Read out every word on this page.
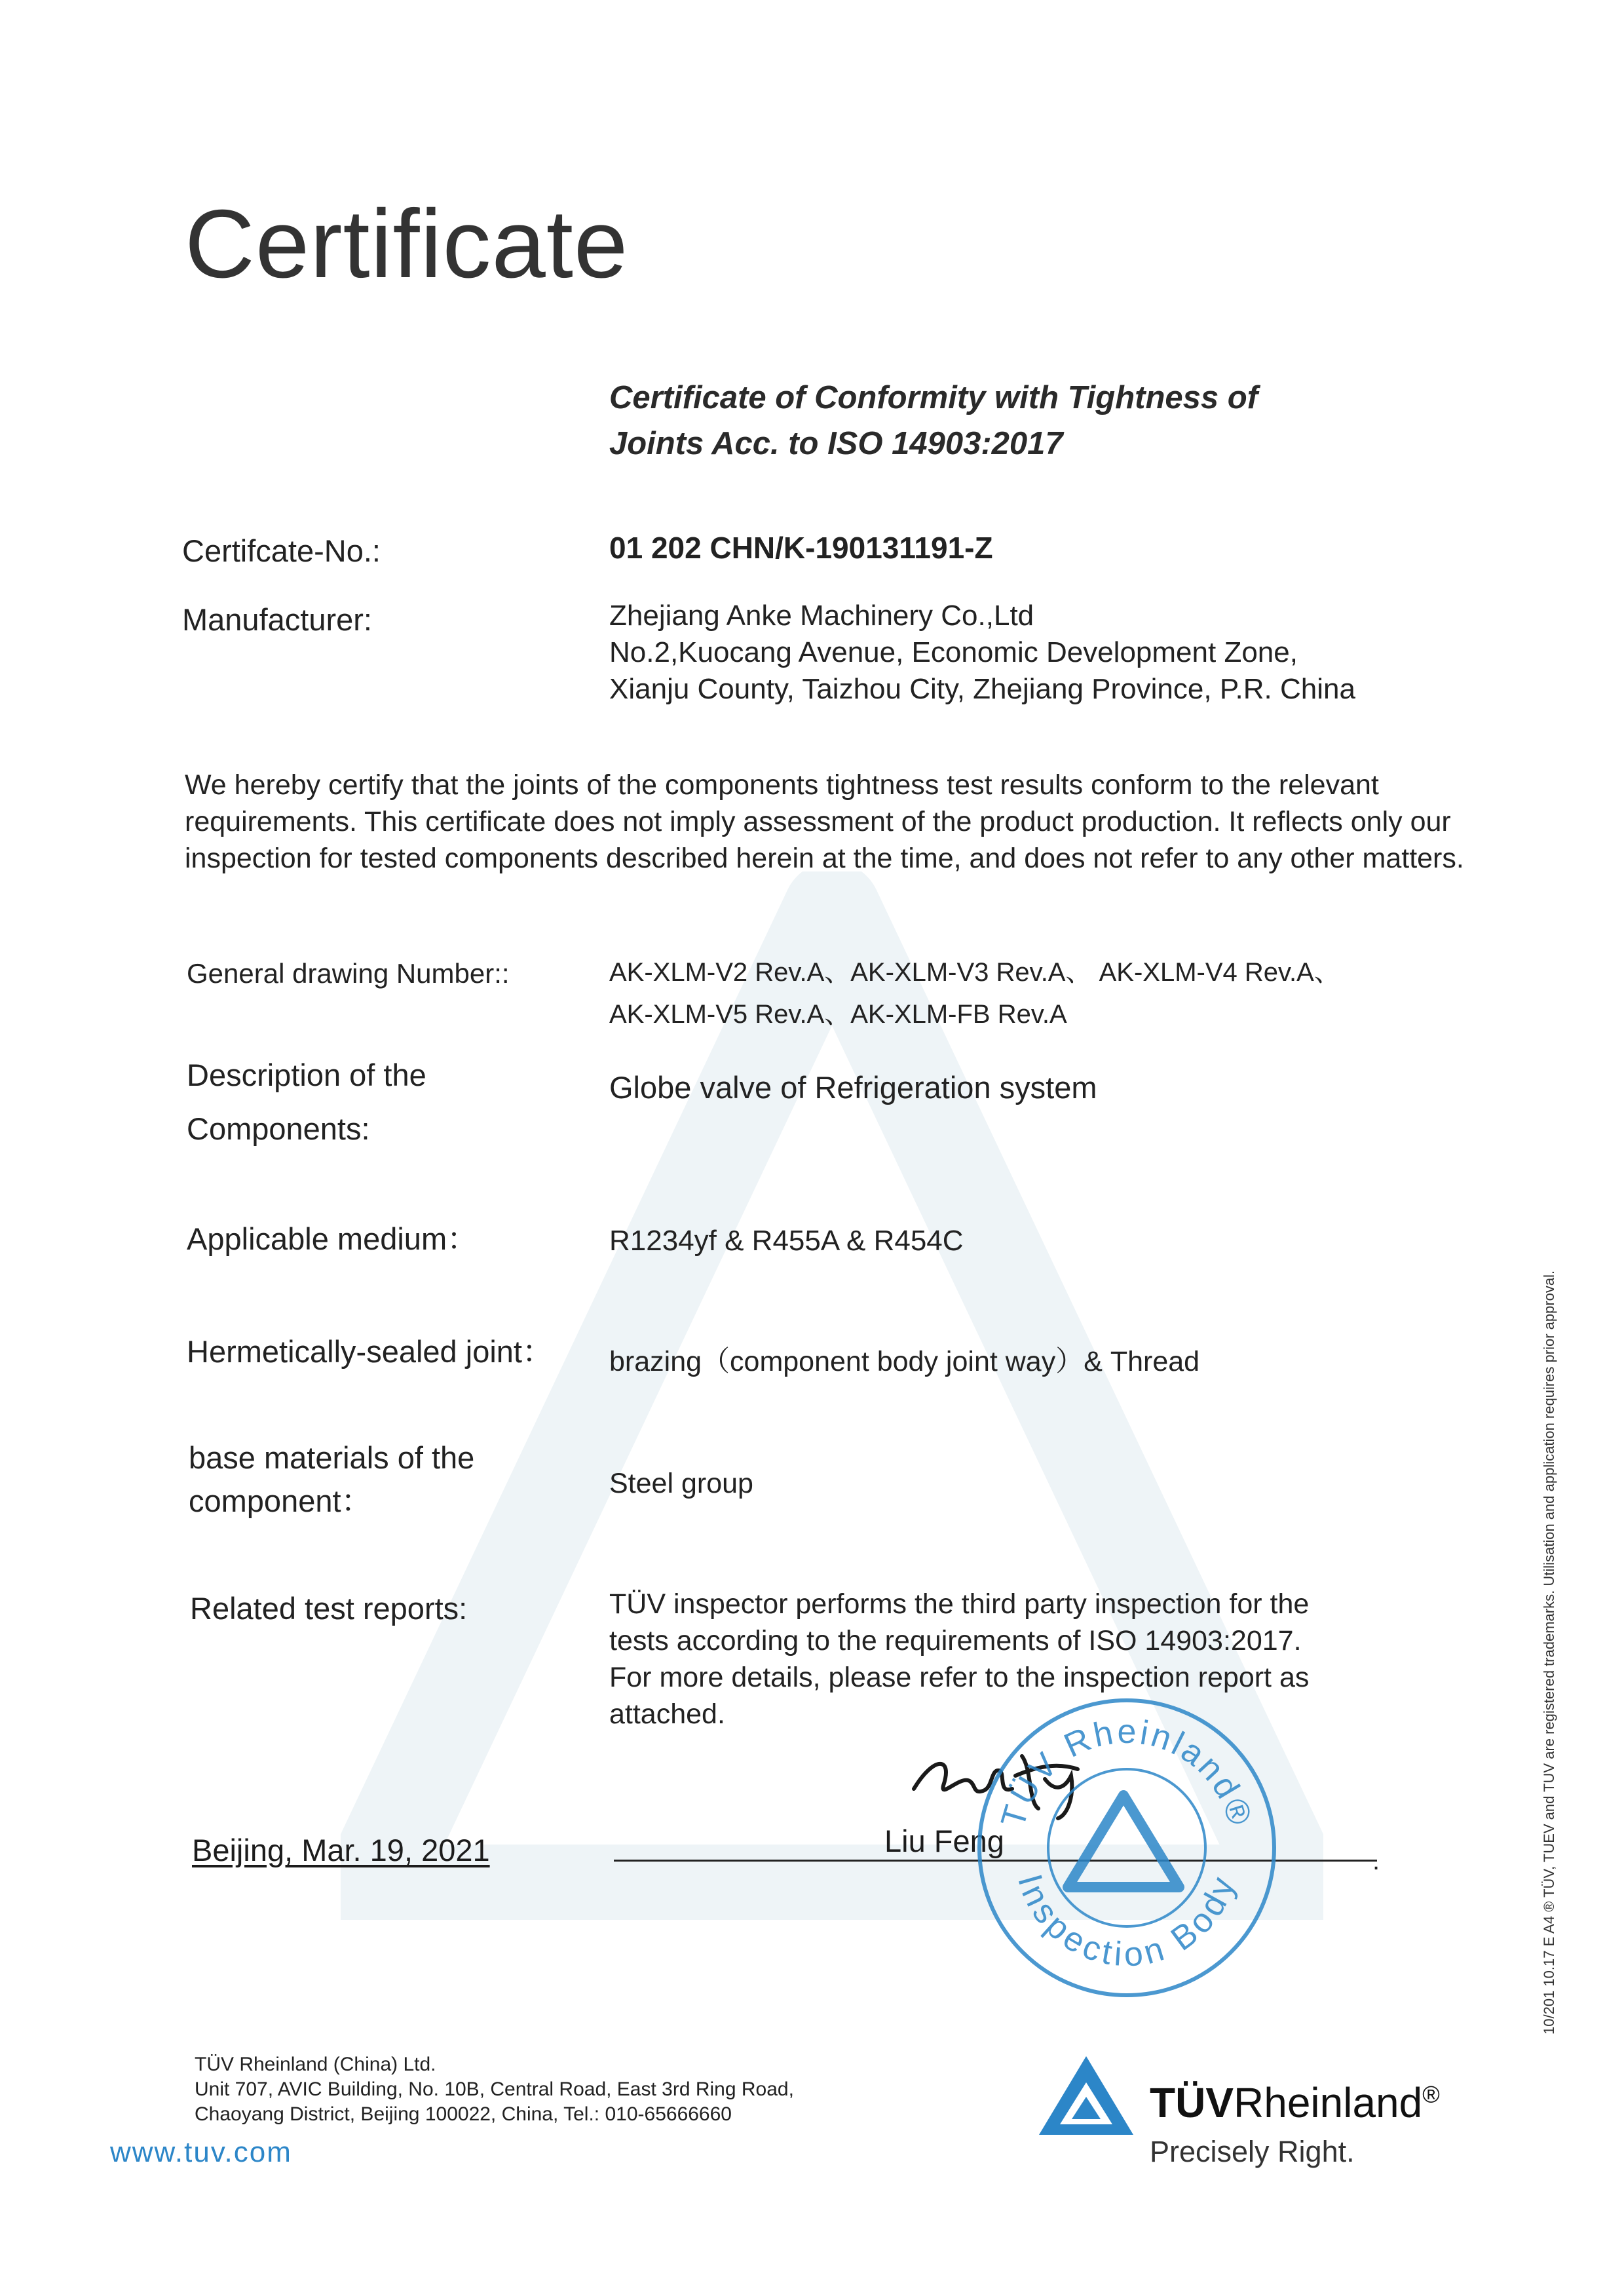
Certificate
Certificate of Conformity with Tightness of
Joints Acc. to ISO 14903:2017
Certifcate-No.:	01 202 CHN/K-190131191-Z
Manufacturer:	Zhejiang Anke Machinery Co.,Ltd
No.2,Kuocang Avenue, Economic Development Zone,
Xianju County, Taizhou City, Zhejiang Province, P.R. China
We hereby certify that the joints of the components tightness test results conform to the relevant requirements. This certificate does not imply assessment of the product production. It reflects only our inspection for tested components described herein at the time, and does not refer to any other matters.
General drawing Number::	AK-XLM-V2 Rev.A、AK-XLM-V3 Rev.A、 AK-XLM-V4 Rev.A、
AK-XLM-V5 Rev.A、AK-XLM-FB Rev.A
Description of the
Components:
Globe valve of Refrigeration system
Applicable medium：	R1234yf & R455A & R454C
Hermetically-sealed joint： brazing（component body joint way）& Thread
base materials of the
component：	Steel group
Related test reports:	TÜV inspector performs the third party inspection for the
tests according to the requirements of ISO 14903:2017.
For more details, please refer to the inspection report as
attached.
Beijing, Mar. 19, 2021	.
Liu Feng
TÜV Rheinland®
Inspection Body	10/201 10.17 E A4 ® TÜV, TUEV and TUV are registered trademarks. Utilisation and application requires prior approval.
TÜV Rheinland (China) Ltd.
Unit 707, AVIC Building, No. 10B, Central Road, East 3rd Ring Road,
Chaoyang District, Beijing 100022, China, Tel.: 010-65666660
www.tuv.com
TÜVRheinland®
Precisely Right.
